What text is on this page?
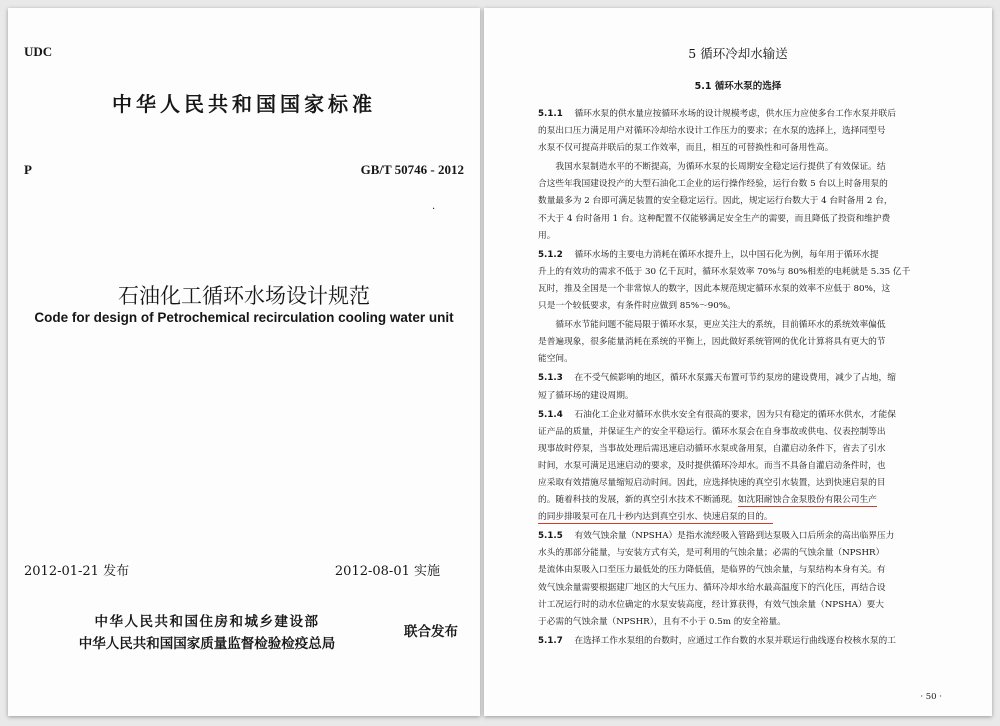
UDC
中华人民共和国国家标准
P	GB/T 50746 - 2012
·
石油化工循环水场设计规范
Code for design of Petrochemical recirculation cooling water unit
2012-01-21 发布	2012-08-01 实施
中华人民共和国住房和城乡建设部
中华人民共和国国家质量监督检验检疫总局
联合发布
5 循环冷却水输送
5.1 循环水泵的选择
5.1.1　 循环水泵的供水量应按循环水场的设计规模考虑，供水压力应使多台工作水泵并联后
的泵出口压力满足用户对循环冷却给水设计工作压力的要求；在水泵的选择上，选择同型号
水泵不仅可提高并联后的泵工作效率，而且，相互的可替换性和可备用性高。
　　我国水泵制造水平的不断提高，为循环水泵的长周期安全稳定运行提供了有效保证。结
合这些年我国建设投产的大型石油化工企业的运行操作经验，运行台数 5 台以上时备用泵的
数量最多为 2 台即可满足装置的安全稳定运行。因此，规定运行台数大于 4 台时备用 2 台，
不大于 4 台时备用 1 台。这种配置不仅能够满足安全生产的需要，而且降低了投资和维护费
用。
5.1.2　 循环水场的主要电力消耗在循环水提升上，以中国石化为例，每年用于循环水提
升上的有效功的需求不低于 30 亿千瓦时，循环水泵效率 70%与 80%相差的电耗就是 5.35 亿千
瓦时，推及全国是一个非常惊人的数字，因此本规范规定循环水泵的效率不应低于 80%，这
只是一个较低要求，有条件时应做到 85%～90%。
　　循环水节能问题不能局限于循环水泵，更应关注大的系统，目前循环水的系统效率偏低
是普遍现象，很多能量消耗在系统的平衡上，因此做好系统管网的优化计算将具有更大的节
能空间。
5.1.3　 在不受气候影响的地区，循环水泵露天布置可节约泵房的建设费用，减少了占地，缩
短了循环场的建设周期。
5.1.4　 石油化工企业对循环水供水安全有很高的要求，因为只有稳定的循环水供水，才能保
证产品的质量，并保证生产的安全平稳运行。循环水泵会在自身事故或供电、仪表控制等出
现事故时停泵，当事故处理后需迅速启动循环水泵或备用泵，自灌启动条件下，省去了引水
时间，水泵可满足迅速启动的要求，及时提供循环冷却水。而当不具备自灌启动条件时，也
应采取有效措施尽量缩短启动时间。因此，应选择快速的真空引水装置，达到快速启泵的目
的。随着科技的发展，新的真空引水技术不断涌现。如沈阳耐蚀合金泵股份有限公司生产
的同步排吸泵可在几十秒内达到真空引水、快速启泵的目的。
5.1.5　 有效气蚀余量（NPSHA）是指水流经吸入管路到达泵吸入口后所余的高出临界压力
水头的那部分能量，与安装方式有关，是可利用的气蚀余量；必需的气蚀余量（NPSHR）
是流体由泵吸入口至压力最低处的压力降低值，是临界的气蚀余量，与泵结构本身有关。有
效气蚀余量需要根据建厂地区的大气压力、循环冷却水给水最高温度下的汽化压，再结合设
计工况运行时的动水位确定的水泵安装高度，经计算获得，有效气蚀余量（NPSHA）要大
于必需的气蚀余量（NPSHR），且有不小于 0.5m 的安全裕量。
5.1.7　 在选择工作水泵组的台数时，应通过工作台数的水泵并联运行曲线逐台校核水泵的工
· 50 ·
